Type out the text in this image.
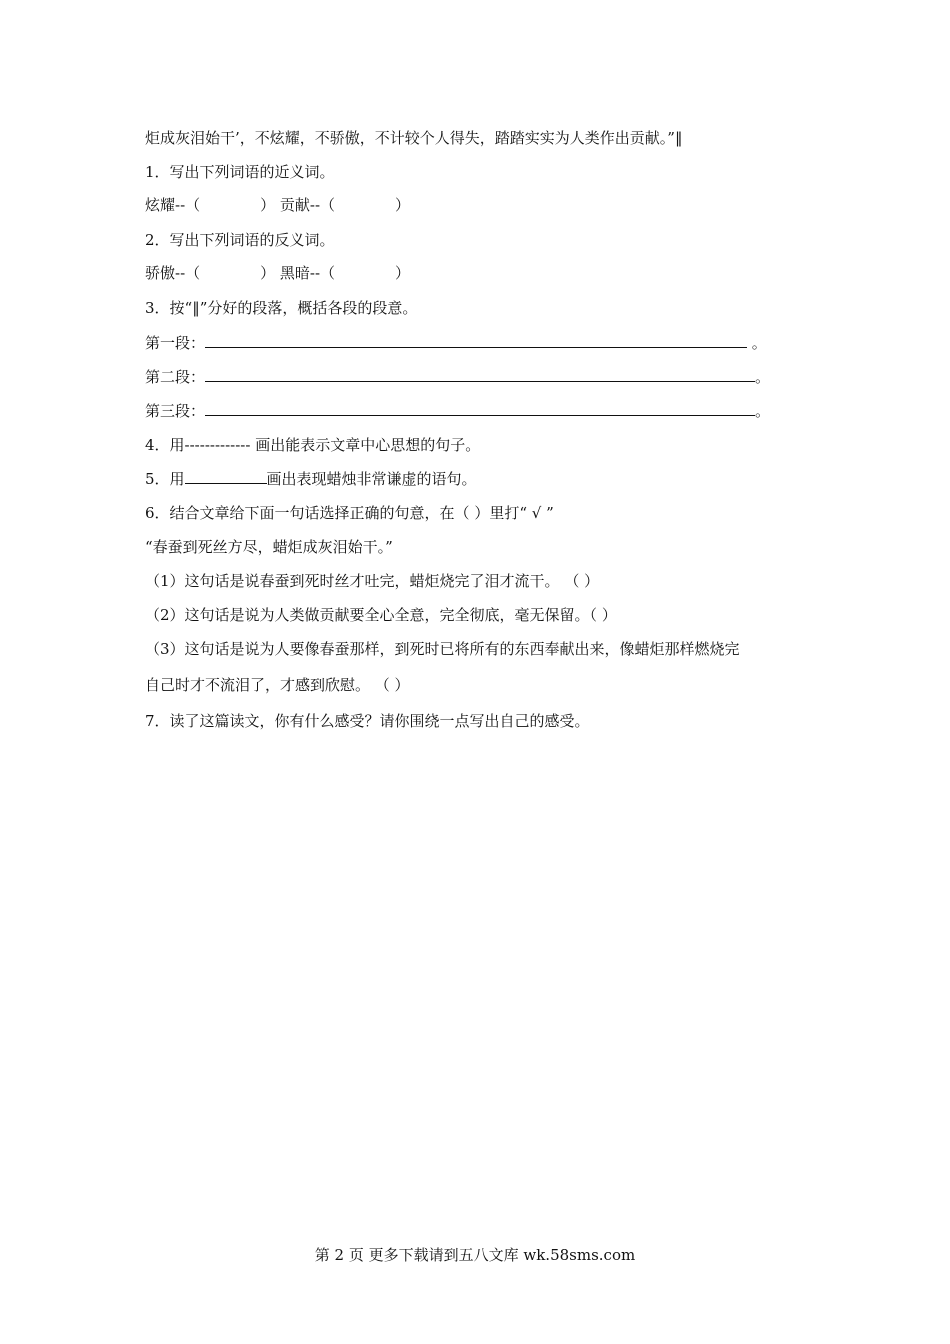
炬成灰泪始干’，不炫耀，不骄傲，不计较个人得失，踏踏实实为人类作出贡献。”‖
1．写出下列词语的近义词。
炫耀--（　　　　） 贡献--（　　　　）
2．写出下列词语的反义词。
骄傲--（　　　　） 黑暗--（　　　　）
3．按“‖”分好的段落，概括各段的段意。
第一段：	。
第二段：	。
第三段：	。
4．用------------- 画出能表示文章中心思想的句子。
5．用	画出表现蜡烛非常谦虚的语句。
6．结合文章给下面一句话选择正确的句意，在（ ）里打“ √ ”
“春蚕到死丝方尽，蜡炬成灰泪始干。”
（1）这句话是说春蚕到死时丝才吐完，蜡炬烧完了泪才流干。 （ ）
（2）这句话是说为人类做贡献要全心全意，完全彻底，毫无保留。（ ）
（3）这句话是说为人要像春蚕那样，到死时已将所有的东西奉献出来，像蜡炬那样燃烧完
自己时才不流泪了，才感到欣慰。 （ ）
7．读了这篇读文，你有什么感受？请你围绕一点写出自己的感受。
第 2 页 更多下载请到五八文库 wk.58sms.com
